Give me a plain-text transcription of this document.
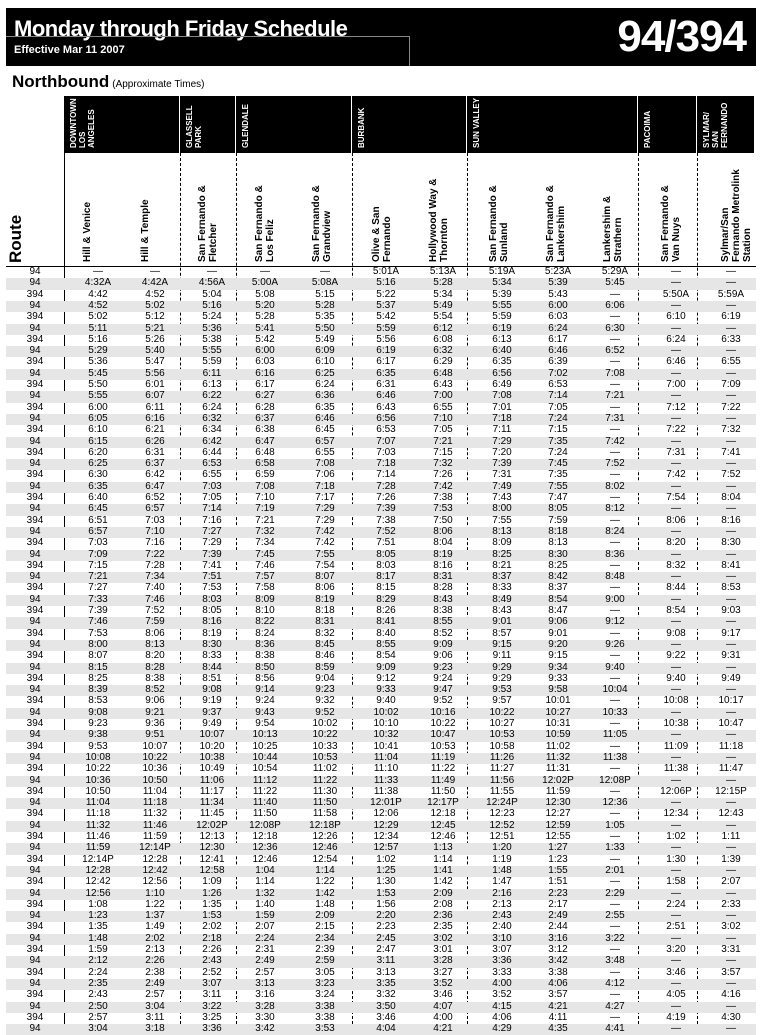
Monday through Friday Schedule
Effective Mar 11 2007	94/394
Northbound (Approximate Times)
Route
DOWNTOWN LOS ANGELES	GLASSELL PARK	GLENDALE	BURBANK	SUN VALLEY	PACOIMA	SYLMAR/ SAN FERNANDO
Hill & Venice	Hill & Temple	San Fernando & Fletcher	San Fernando & Los Feliz	San Fernando & Grandview	Olive & San Fernando	Hollywood Way & Thornton	San Fernando & Sunland	San Fernando & Lankershim	Lankershim & Strathern	San Fernando & Van Nuys	Sylmar/San Fernando Metrolink Station
94	—	—	—	—	—	5:01A	5:13A	5:19A	5:23A	5:29A	—	—
94	4:32A	4:42A	4:56A	5:00A	5:08A	5:16	5:28	5:34	5:39	5:45	—	—
394	4:42	4:52	5:04	5:08	5:15	5:22	5:34	5:39	5:43	—	5:50A	5:59A
94	4:52	5:02	5:16	5:20	5:28	5:37	5:49	5:55	6:00	6:06	—	—
394	5:02	5:12	5:24	5:28	5:35	5:42	5:54	5:59	6:03	—	6:10	6:19
94	5:11	5:21	5:36	5:41	5:50	5:59	6:12	6:19	6:24	6:30	—	—
394	5:16	5:26	5:38	5:42	5:49	5:56	6:08	6:13	6:17	—	6:24	6:33
94	5:29	5:40	5:55	6:00	6:09	6:19	6:32	6:40	6:46	6:52	—	—
394	5:36	5:47	5:59	6:03	6:10	6:17	6:29	6:35	6:39	—	6:46	6:55
94	5:45	5:56	6:11	6:16	6:25	6:35	6:48	6:56	7:02	7:08	—	—
394	5:50	6:01	6:13	6:17	6:24	6:31	6:43	6:49	6:53	—	7:00	7:09
94	5:55	6:07	6:22	6:27	6:36	6:46	7:00	7:08	7:14	7:21	—	—
394	6:00	6:11	6:24	6:28	6:35	6:43	6:55	7:01	7:05	—	7:12	7:22
94	6:05	6:16	6:32	6:37	6:46	6:56	7:10	7:18	7:24	7:31	—	—
394	6:10	6:21	6:34	6:38	6:45	6:53	7:05	7:11	7:15	—	7:22	7:32
94	6:15	6:26	6:42	6:47	6:57	7:07	7:21	7:29	7:35	7:42	—	—
394	6:20	6:31	6:44	6:48	6:55	7:03	7:15	7:20	7:24	—	7:31	7:41
94	6:25	6:37	6:53	6:58	7:08	7:18	7:32	7:39	7:45	7:52	—	—
394	6:30	6:42	6:55	6:59	7:06	7:14	7:26	7:31	7:35	—	7:42	7:52
94	6:35	6:47	7:03	7:08	7:18	7:28	7:42	7:49	7:55	8:02	—	—
394	6:40	6:52	7:05	7:10	7:17	7:26	7:38	7:43	7:47	—	7:54	8:04
94	6:45	6:57	7:14	7:19	7:29	7:39	7:53	8:00	8:05	8:12	—	—
394	6:51	7:03	7:16	7:21	7:29	7:38	7:50	7:55	7:59	—	8:06	8:16
94	6:57	7:10	7:27	7:32	7:42	7:52	8:06	8:13	8:18	8:24	—	—
394	7:03	7:16	7:29	7:34	7:42	7:51	8:04	8:09	8:13	—	8:20	8:30
94	7:09	7:22	7:39	7:45	7:55	8:05	8:19	8:25	8:30	8:36	—	—
394	7:15	7:28	7:41	7:46	7:54	8:03	8:16	8:21	8:25	—	8:32	8:41
94	7:21	7:34	7:51	7:57	8:07	8:17	8:31	8:37	8:42	8:48	—	—
394	7:27	7:40	7:53	7:58	8:06	8:15	8:28	8:33	8:37	—	8:44	8:53
94	7:33	7:46	8:03	8:09	8:19	8:29	8:43	8:49	8:54	9:00	—	—
394	7:39	7:52	8:05	8:10	8:18	8:26	8:38	8:43	8:47	—	8:54	9:03
94	7:46	7:59	8:16	8:22	8:31	8:41	8:55	9:01	9:06	9:12	—	—
394	7:53	8:06	8:19	8:24	8:32	8:40	8:52	8:57	9:01	—	9:08	9:17
94	8:00	8:13	8:30	8:36	8:45	8:55	9:09	9:15	9:20	9:26	—	—
394	8:07	8:20	8:33	8:38	8:46	8:54	9:06	9:11	9:15	—	9:22	9:31
94	8:15	8:28	8:44	8:50	8:59	9:09	9:23	9:29	9:34	9:40	—	—
394	8:25	8:38	8:51	8:56	9:04	9:12	9:24	9:29	9:33	—	9:40	9:49
94	8:39	8:52	9:08	9:14	9:23	9:33	9:47	9:53	9:58	10:04	—	—
394	8:53	9:06	9:19	9:24	9:32	9:40	9:52	9:57	10:01	—	10:08	10:17
94	9:08	9:21	9:37	9:43	9:52	10:02	10:16	10:22	10:27	10:33	—	—
394	9:23	9:36	9:49	9:54	10:02	10:10	10:22	10:27	10:31	—	10:38	10:47
94	9:38	9:51	10:07	10:13	10:22	10:32	10:47	10:53	10:59	11:05	—	—
394	9:53	10:07	10:20	10:25	10:33	10:41	10:53	10:58	11:02	—	11:09	11:18
94	10:08	10:22	10:38	10:44	10:53	11:04	11:19	11:26	11:32	11:38	—	—
394	10:22	10:36	10:49	10:54	11:02	11:10	11:22	11:27	11:31	—	11:38	11:47
94	10:36	10:50	11:06	11:12	11:22	11:33	11:49	11:56	12:02P	12:08P	—	—
394	10:50	11:04	11:17	11:22	11:30	11:38	11:50	11:55	11:59	—	12:06P	12:15P
94	11:04	11:18	11:34	11:40	11:50	12:01P	12:17P	12:24P	12:30	12:36	—	—
394	11:18	11:32	11:45	11:50	11:58	12:06	12:18	12:23	12:27	—	12:34	12:43
94	11:32	11:46	12:02P	12:08P	12:18P	12:29	12:45	12:52	12:59	1:05	—	—
394	11:46	11:59	12:13	12:18	12:26	12:34	12:46	12:51	12:55	—	1:02	1:11
94	11:59	12:14P	12:30	12:36	12:46	12:57	1:13	1:20	1:27	1:33	—	—
394	12:14P	12:28	12:41	12:46	12:54	1:02	1:14	1:19	1:23	—	1:30	1:39
94	12:28	12:42	12:58	1:04	1:14	1:25	1:41	1:48	1:55	2:01	—	—
394	12:42	12:56	1:09	1:14	1:22	1:30	1:42	1:47	1:51	—	1:58	2:07
94	12:56	1:10	1:26	1:32	1:42	1:53	2:09	2:16	2:23	2:29	—	—
394	1:08	1:22	1:35	1:40	1:48	1:56	2:08	2:13	2:17	—	2:24	2:33
94	1:23	1:37	1:53	1:59	2:09	2:20	2:36	2:43	2:49	2:55	—	—
394	1:35	1:49	2:02	2:07	2:15	2:23	2:35	2:40	2:44	—	2:51	3:02
94	1:48	2:02	2:18	2:24	2:34	2:45	3:02	3:10	3:16	3:22	—	—
394	1:59	2:13	2:26	2:31	2:39	2:47	3:01	3:07	3:12	—	3:20	3:31
94	2:12	2:26	2:43	2:49	2:59	3:11	3:28	3:36	3:42	3:48	—	—
394	2:24	2:38	2:52	2:57	3:05	3:13	3:27	3:33	3:38	—	3:46	3:57
94	2:35	2:49	3:07	3:13	3:23	3:35	3:52	4:00	4:06	4:12	—	—
394	2:43	2:57	3:11	3:16	3:24	3:32	3:46	3:52	3:57	—	4:05	4:16
94	2:50	3:04	3:22	3:28	3:38	3:50	4:07	4:15	4:21	4:27	—	—
394	2:57	3:11	3:25	3:30	3:38	3:46	4:00	4:06	4:11	—	4:19	4:30
94	3:04	3:18	3:36	3:42	3:53	4:04	4:21	4:29	4:35	4:41	—	—
